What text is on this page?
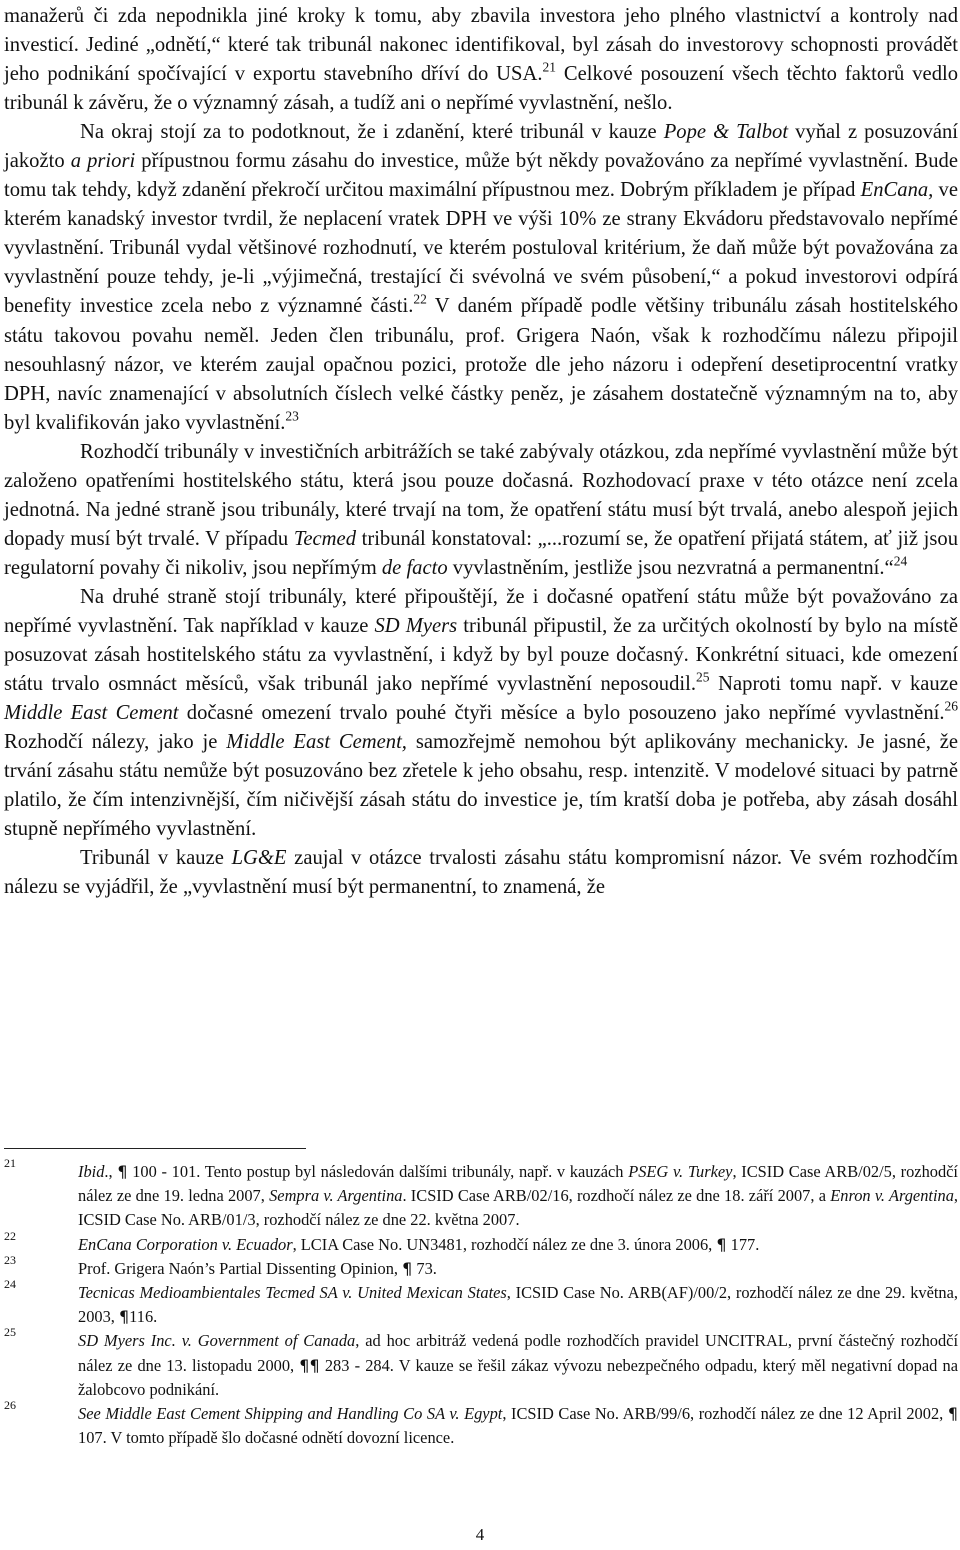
manažerů či zda nepodnikla jiné kroky k tomu, aby zbavila investora jeho plného vlastnictví a kontroly nad investicí. Jediné „odnětí,“ které tak tribunál nakonec identifikoval, byl zásah do investorovy schopnosti provádět jeho podnikání spočívající v exportu stavebního dříví do USA.$^{21}$ Celkové posouzení všech těchto faktorů vedlo tribunál k závěru, že o významný zásah, a tudíž ani o nepřímé vyvlastnění, nešlo.

Na okraj stojí za to podotknout, že i zdanění, které tribunál v kauze Pope & Talbot vyňal z posuzování jakožto a priori přípustnou formu zásahu do investice, může být někdy považováno za nepřímé vyvlastnění. Bude tomu tak tehdy, když zdanění překročí určitou maximální přípustnou mez. Dobrým příkladem je případ EnCana, ve kterém kanadský investor tvrdil, že neplacení vratek DPH ve výši 10% ze strany Ekvádoru představovalo nepřímé vyvlastnění. Tribunál vydal většinové rozhodnutí, ve kterém postuloval kritérium, že daň může být považována za vyvlastnění pouze tehdy, je-li „výjimečná, trestající či svévolná ve svém působení,“ a pokud investorovi odpírá benefity investice zcela nebo z významné části.$^{22}$ V daném případě podle většiny tribunálu zásah hostitelského státu takovou povahu neměl. Jeden člen tribunálu, prof. Grigera Naón, však k rozhodčímu nálezu připojil nesouhlasný názor, ve kterém zaujal opačnou pozici, protože dle jeho názoru i odepření desetiprocentní vratky DPH, navíc znamenající v absolutních číslech velké částky peněz, je zásahem dostatečně významným na to, aby byl kvalifikován jako vyvlastnění.$^{23}$

Rozhodčí tribunály v investičních arbitrážích se také zabývaly otázkou, zda nepřímé vyvlastnění může být založeno opatřeními hostitelského státu, která jsou pouze dočasná. Rozhodovací praxe v této otázce není zcela jednotná. Na jedné straně jsou tribunály, které trvají na tom, že opatření státu musí být trvalá, anebo alespoň jejich dopady musí být trvalé. V případu Tecmed tribunál konstatoval: „...rozumí se, že opatření přijatá státem, ať již jsou regulatorní povahy či nikoliv, jsou nepřímým de facto vyvlastněním, jestliže jsou nezvratná a permanentní.“$^{24}$

Na druhé straně stojí tribunály, které připouštějí, že i dočasné opatření státu může být považováno za nepřímé vyvlastnění. Tak například v kauze SD Myers tribunál připustil, že za určitých okolností by bylo na místě posuzovat zásah hostitelského státu za vyvlastnění, i když by byl pouze dočasný. Konkrétní situaci, kde omezení státu trvalo osmnáct měsíců, však tribunál jako nepřímé vyvlastnění neposoudil.$^{25}$ Naproti tomu např. v kauze Middle East Cement dočasné omezení trvalo pouhé čtyři měsíce a bylo posouzeno jako nepřímé vyvlastnění.$^{26}$ Rozhodčí nálezy, jako je Middle East Cement, samozřejmě nemohou být aplikovány mechanicky. Je jasné, že trvání zásahu státu nemůže být posuzováno bez zřetele k jeho obsahu, resp. intenzitě. V modelové situaci by patrně platilo, že čím intenzivnější, čím ničivější zásah státu do investice je, tím kratší doba je potřeba, aby zásah dosáhl stupně nepřímého vyvlastnění.

Tribunál v kauze LG&E zaujal v otázce trvalosti zásahu státu kompromisní názor. Ve svém rozhodčím nálezu se vyjádřil, že „vyvlastnění musí být permanentní, to znamená, že

21	Ibid., ¶ 100 - 101. Tento postup byl následován dalšími tribunály, např. v kauzách PSEG v. Turkey, ICSID Case ARB/02/5, rozhodčí nález ze dne 19. ledna 2007, Sempra v. Argentina. ICSID Case ARB/02/16, rozdhočí nález ze dne 18. září 2007, a Enron v. Argentina, ICSID Case No. ARB/01/3, rozhodčí nález ze dne 22. května 2007.
22	EnCana Corporation v. Ecuador, LCIA Case No. UN3481, rozhodčí nález ze dne 3. února 2006, ¶ 177.
23	Prof. Grigera Naón’s Partial Dissenting Opinion, ¶ 73.
24	Tecnicas Medioambientales Tecmed SA v. United Mexican States, ICSID Case No. ARB(AF)/00/2, rozhodčí nález ze dne 29. května, 2003, ¶116.
25	SD Myers Inc. v. Government of Canada, ad hoc arbitráž vedená podle rozhodčích pravidel UNCITRAL, první částečný rozhodčí nález ze dne 13. listopadu 2000, ¶¶ 283 - 284. V kauze se řešil zákaz vývozu nebezpečného odpadu, který měl negativní dopad na žalobcovo podnikání.
26	See Middle East Cement Shipping and Handling Co SA v. Egypt, ICSID Case No. ARB/99/6, rozhodčí nález ze dne 12 April 2002, ¶ 107. V tomto případě šlo dočasné odnětí dovozní licence.
4
